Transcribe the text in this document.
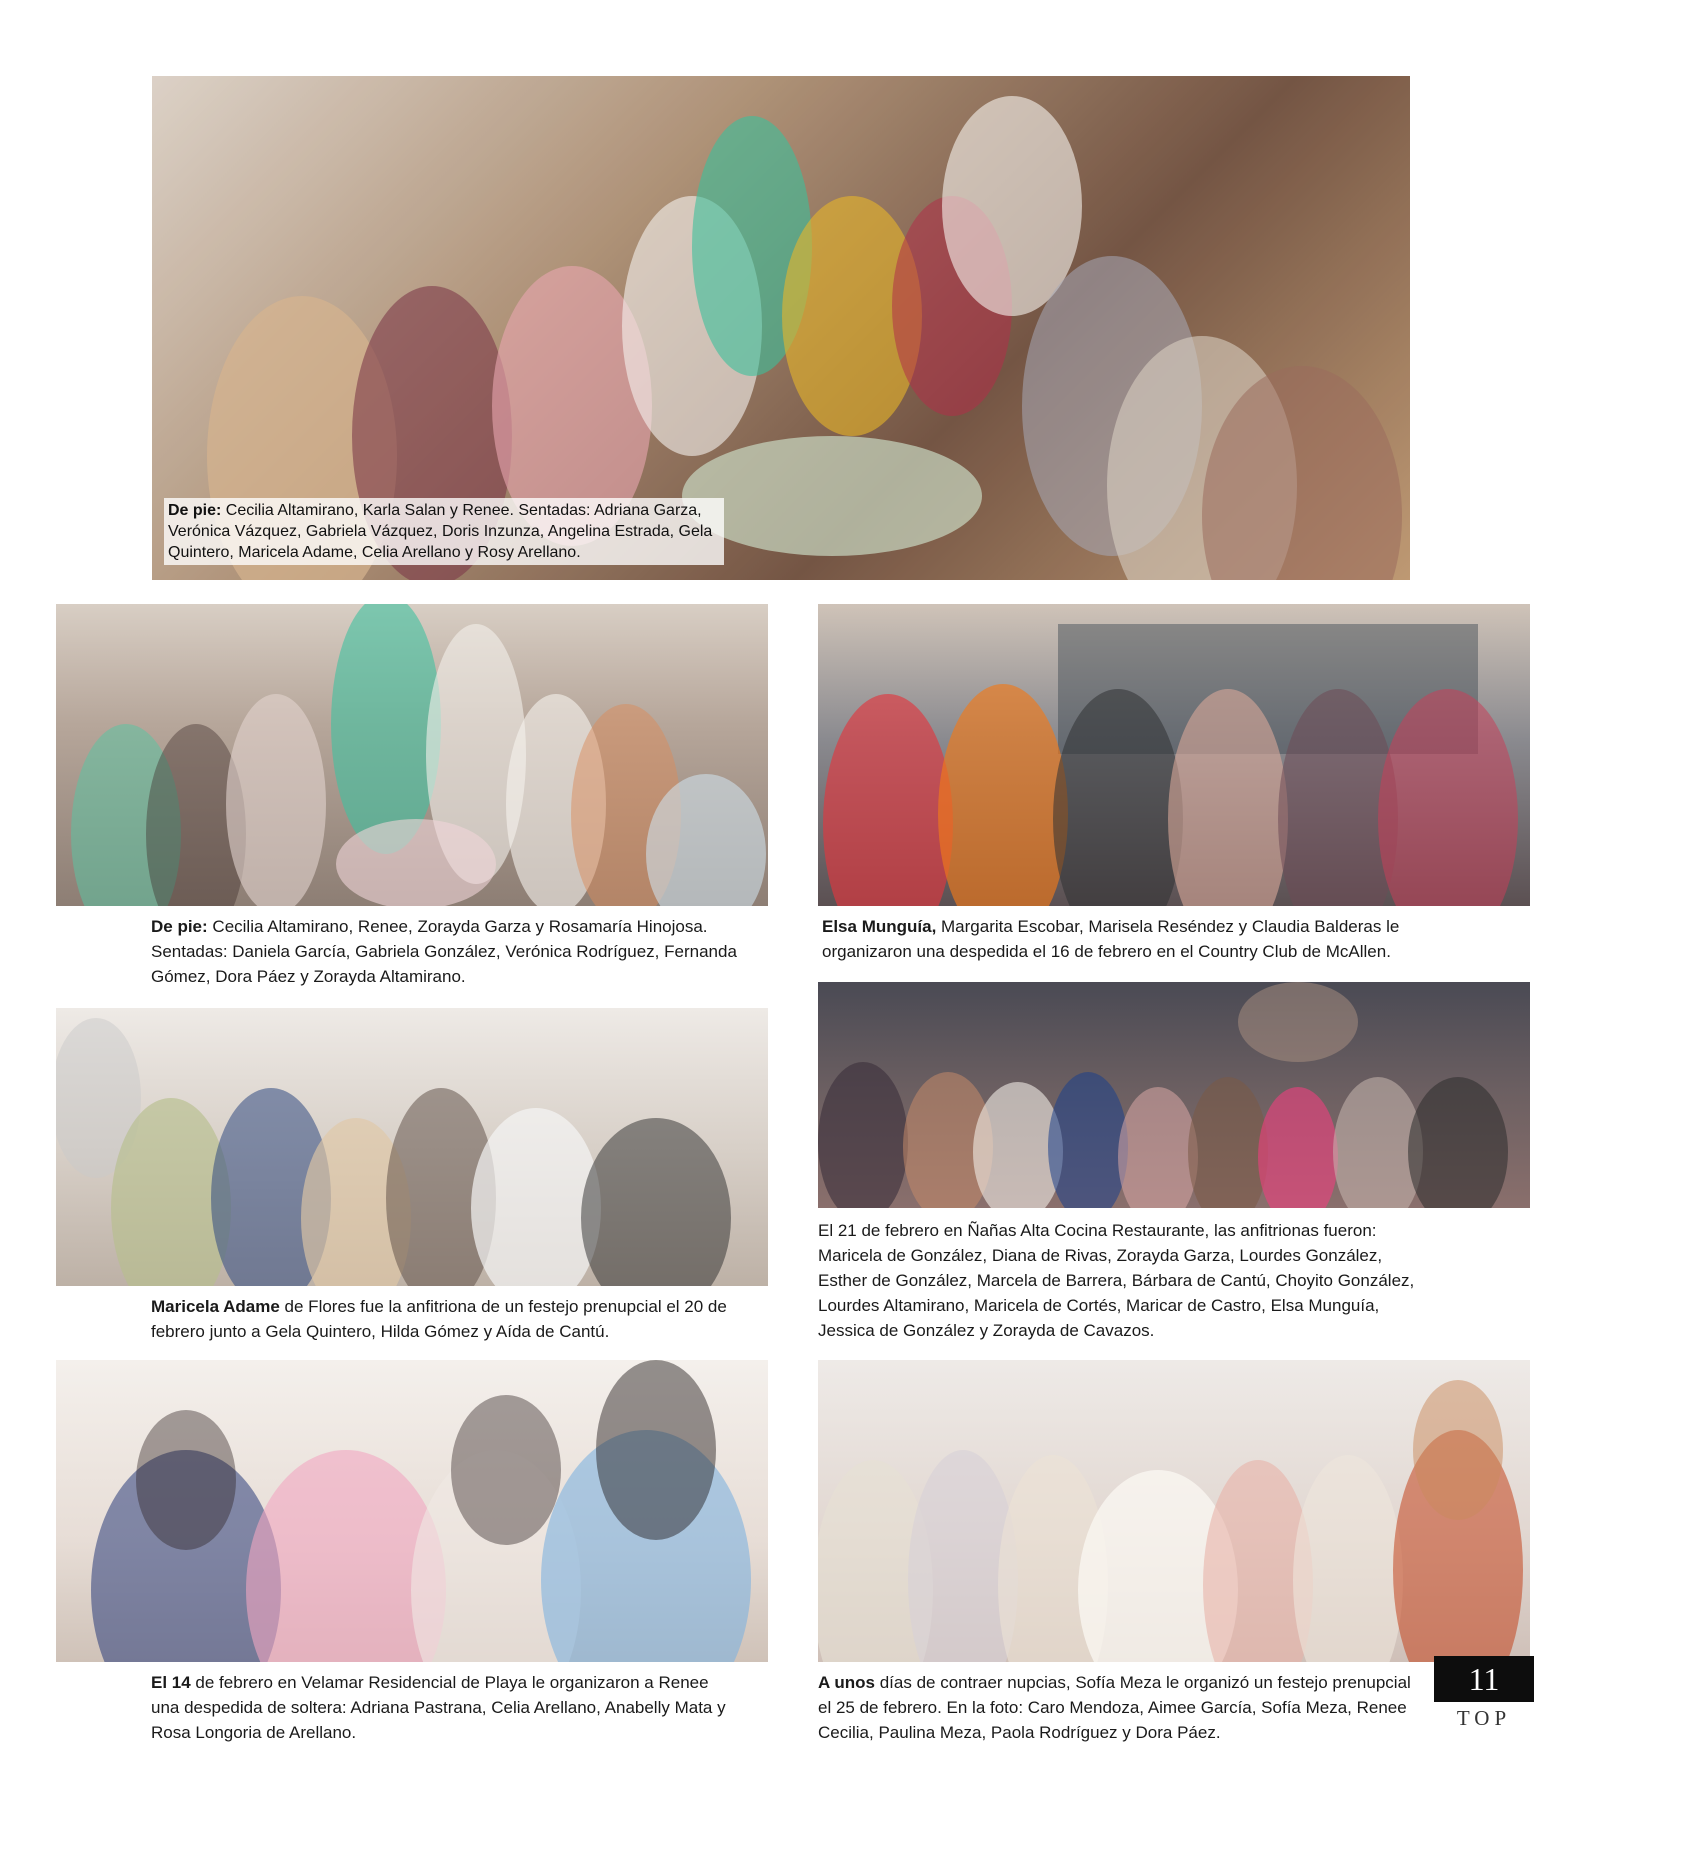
De pie: Cecilia Altamirano, Karla Salan y Renee. Sentadas: Adriana Garza, Verónica Vázquez, Gabriela Vázquez, Doris Inzunza, Angelina Estrada, Gela Quintero, Maricela Adame, Celia Arellano y Rosy Arellano.
De pie: Cecilia Altamirano, Renee, Zorayda Garza y Rosamaría Hinojosa. Sentadas: Daniela García, Gabriela González, Verónica Rodríguez, Fernanda Gómez, Dora Páez y Zorayda Altamirano.
Elsa Munguía, Margarita Escobar, Marisela Reséndez y Claudia Balderas le organizaron una despedida el 16 de febrero en el Country Club de McAllen.
El 21 de febrero en Ñañas Alta Cocina Restaurante, las anfitrionas fueron: Maricela de González, Diana de Rivas, Zorayda Garza, Lourdes González, Esther de González, Marcela de Barrera, Bárbara de Cantú, Choyito González, Lourdes Altamirano, Maricela de Cortés, Maricar de Castro, Elsa Munguía, Jessica de González y Zorayda de Cavazos.
Maricela Adame de Flores fue la anfitriona de un festejo prenupcial el 20 de febrero junto a Gela Quintero, Hilda Gómez y Aída de Cantú.
El 14 de febrero en Velamar Residencial de Playa le organizaron a Renee una despedida de soltera: Adriana Pastrana, Celia Arellano, Anabelly Mata y Rosa Longoria de Arellano.
A unos días de contraer nupcias, Sofía Meza le organizó un festejo prenupcial el 25 de febrero. En la foto: Caro Mendoza, Aimee García, Sofía Meza, Renee Cecilia, Paulina Meza, Paola Rodríguez y Dora Páez.
11
TOP
